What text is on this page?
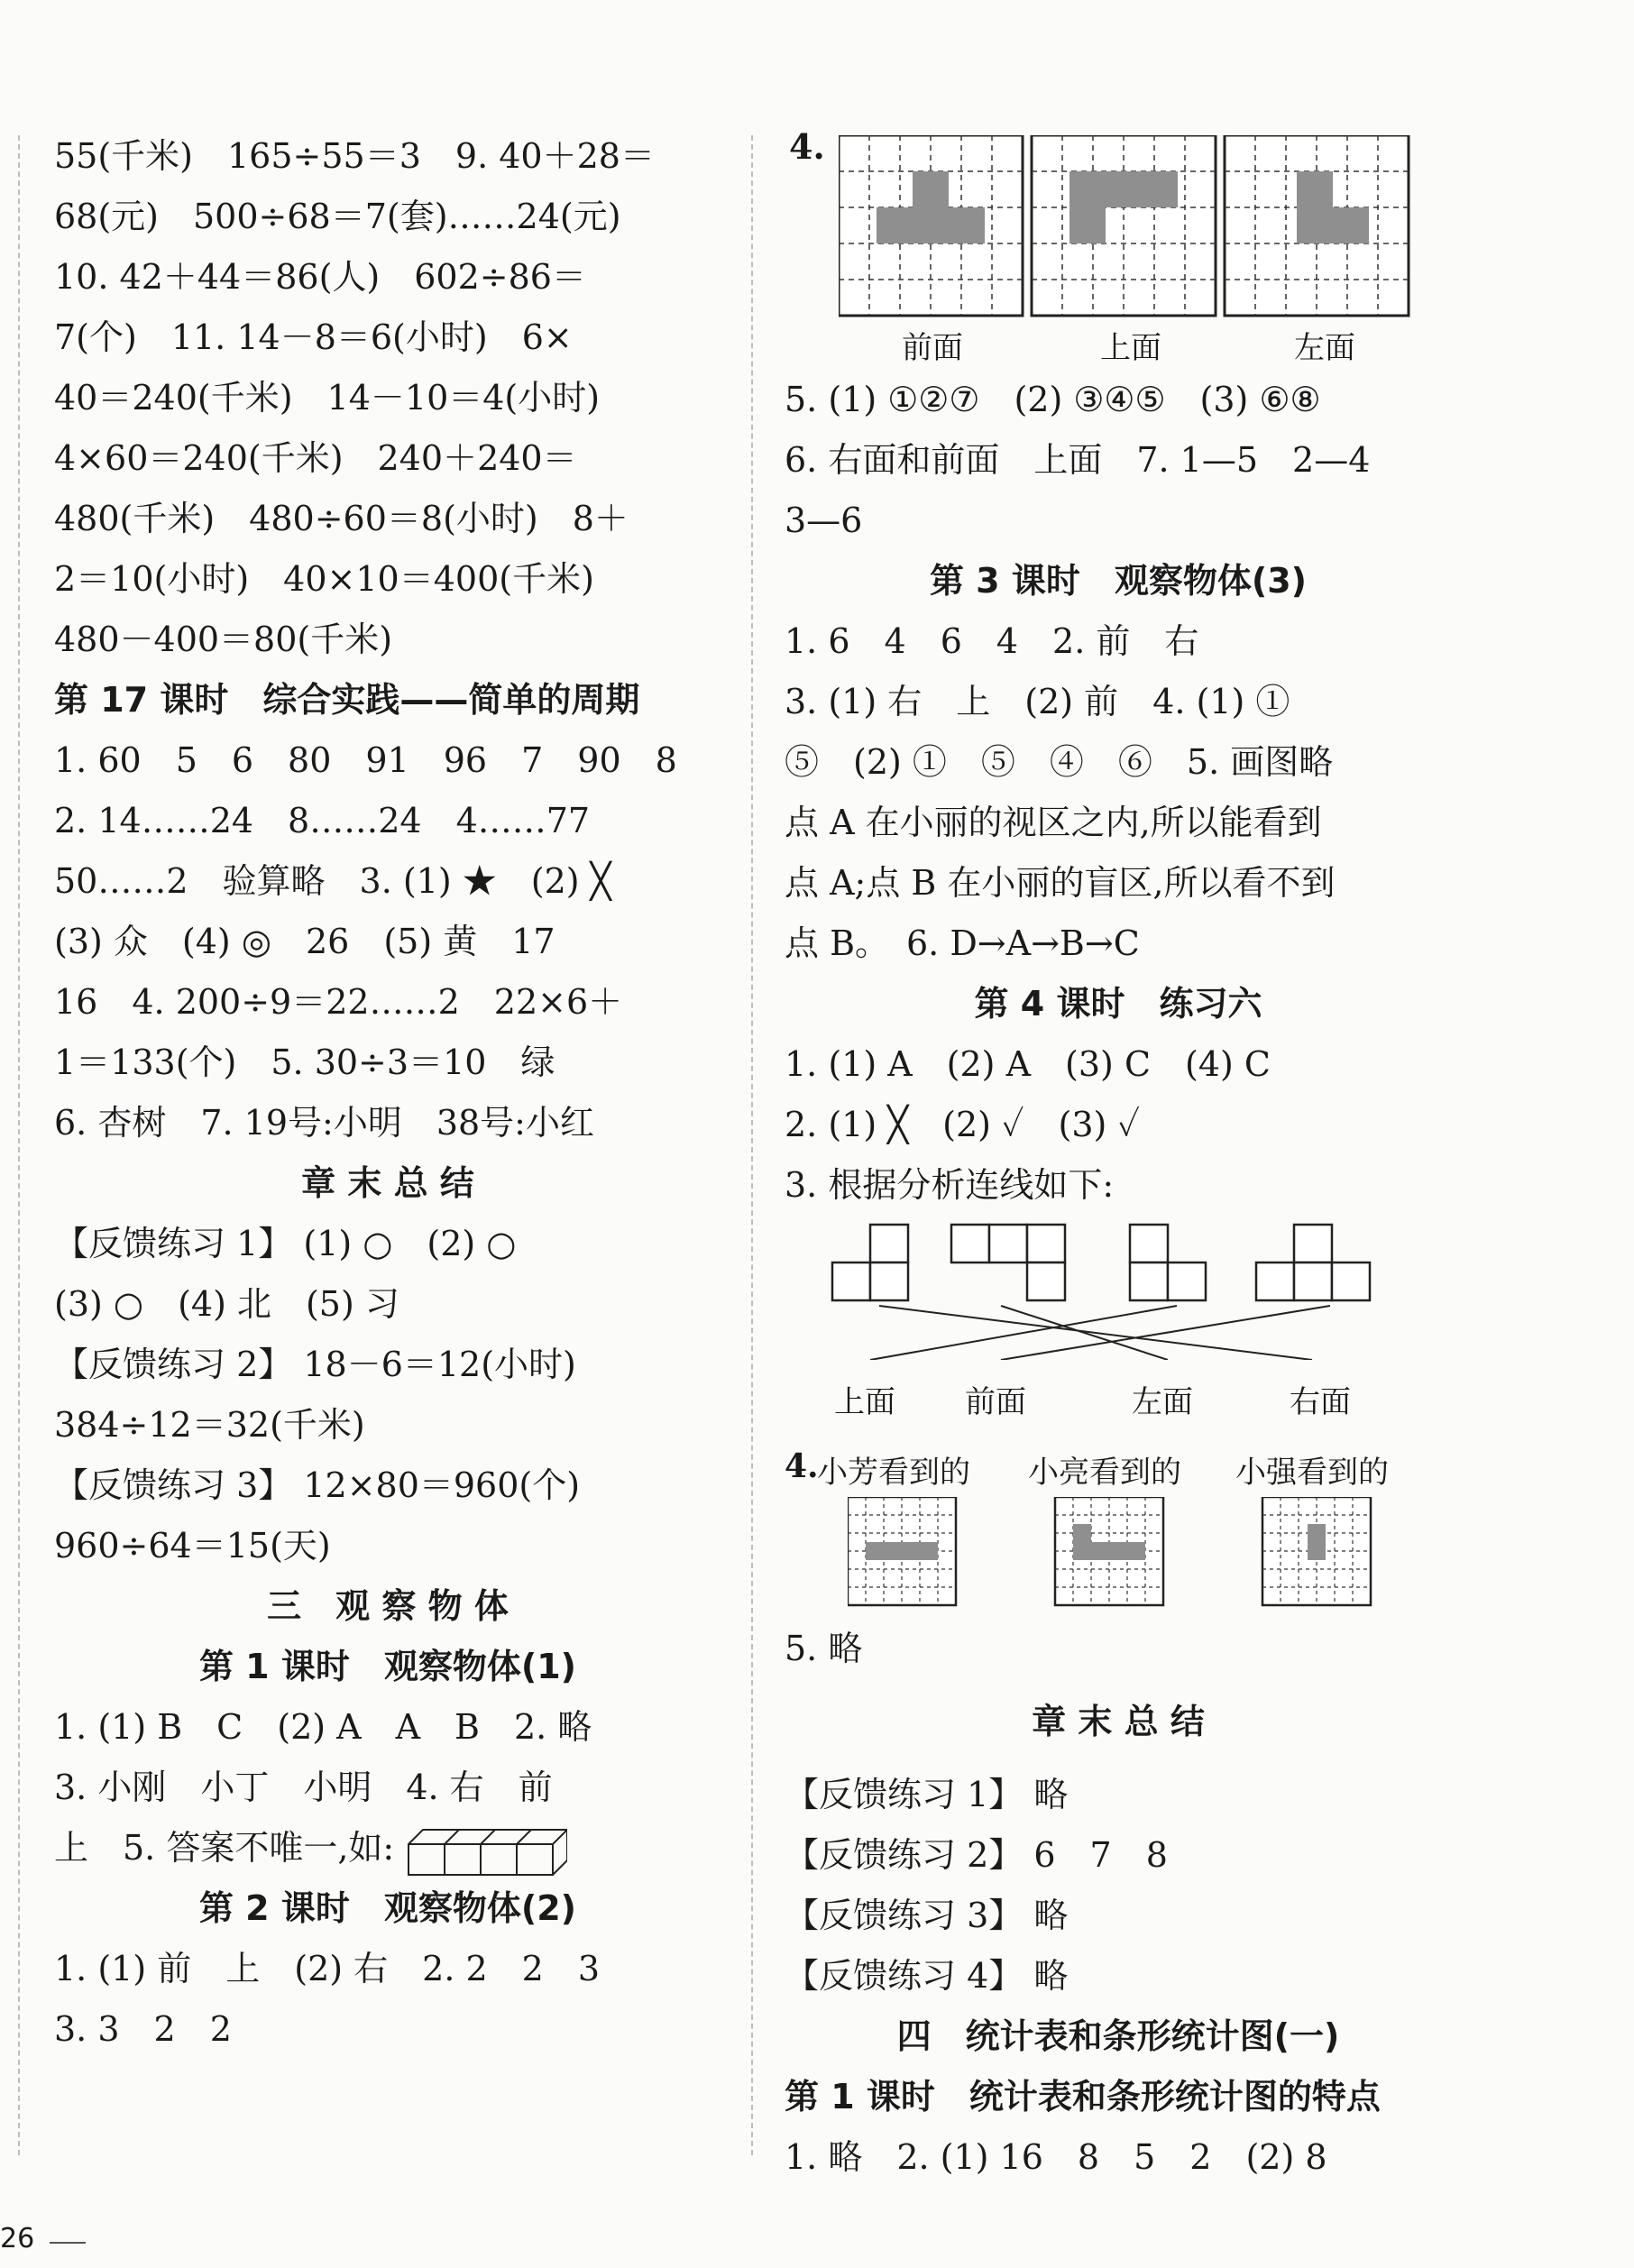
55(千米)　165÷55＝3　9. 40＋28＝
68(元)　500÷68＝7(套)……24(元)
10. 42＋44＝86(人)　602÷86＝
7(个)　11. 14－8＝6(小时)　6×
40＝240(千米)　14－10＝4(小时)
4×60＝240(千米)　240＋240＝
480(千米)　480÷60＝8(小时)　8＋
2＝10(小时)　40×10＝400(千米)
480－400＝80(千米)
第 17 课时　综合实践——简单的周期
1. 60　5　6　80　91　96　7　90　8
2. 14……24　8……24　4……77
50……2　验算略　3. (1) ★　(2) ╳
(3) 众　(4) ◎　26　(5) 黄　17
16　4. 200÷9＝22……2　22×6＋
1＝133(个)　5. 30÷3＝10　绿
6. 杏树　7. 19号:小明　38号:小红
章 末 总 结
【反馈练习 1】 (1) ○　(2) ○
(3) ○　(4) 北　(5) 习
【反馈练习 2】 18－6＝12(小时)
384÷12＝32(千米)
【反馈练习 3】 12×80＝960(个)
960÷64＝15(天)
三　观 察 物 体
第 1 课时　观察物体(1)
1. (1) B　C　(2) A　A　B　2. 略
3. 小刚　小丁　小明　4. 右　前
上　5. 答案不唯一,如:
第 2 课时　观察物体(2)
1. (1) 前　上　(2) 右　2. 2　2　3
3. 3　2　2
4.
前面	上面	左面
5. (1) ①②⑦　(2) ③④⑤　(3) ⑥⑧
6. 右面和前面　上面　7. 1—5　2—4
3—6
第 3 课时　观察物体(3)
1. 6　4　6　4　2. 前　右
3. (1) 右　上　(2) 前　4. (1) ①
⑤　(2) ①　⑤　④　⑥　5. 画图略
点 A 在小丽的视区之内,所以能看到
点 A;点 B 在小丽的盲区,所以看不到
点 B。　6. D→A→B→C
第 4 课时　练习六
1. (1) A　(2) A　(3) C　(4) C
2. (1) ╳　(2) ✓　(3) ✓
3. 根据分析连线如下:
上面 前面	左面	右面
4.
小芳看到的 小亮看到的 小强看到的
5. 略
章 末 总 结
【反馈练习 1】 略
【反馈练习 2】 6　7　8
【反馈练习 3】 略
【反馈练习 4】 略
四　统计表和条形统计图(一)
第 1 课时　统计表和条形统计图的特点
1. 略　2. (1) 16　8　5　2　(2) 8
26
